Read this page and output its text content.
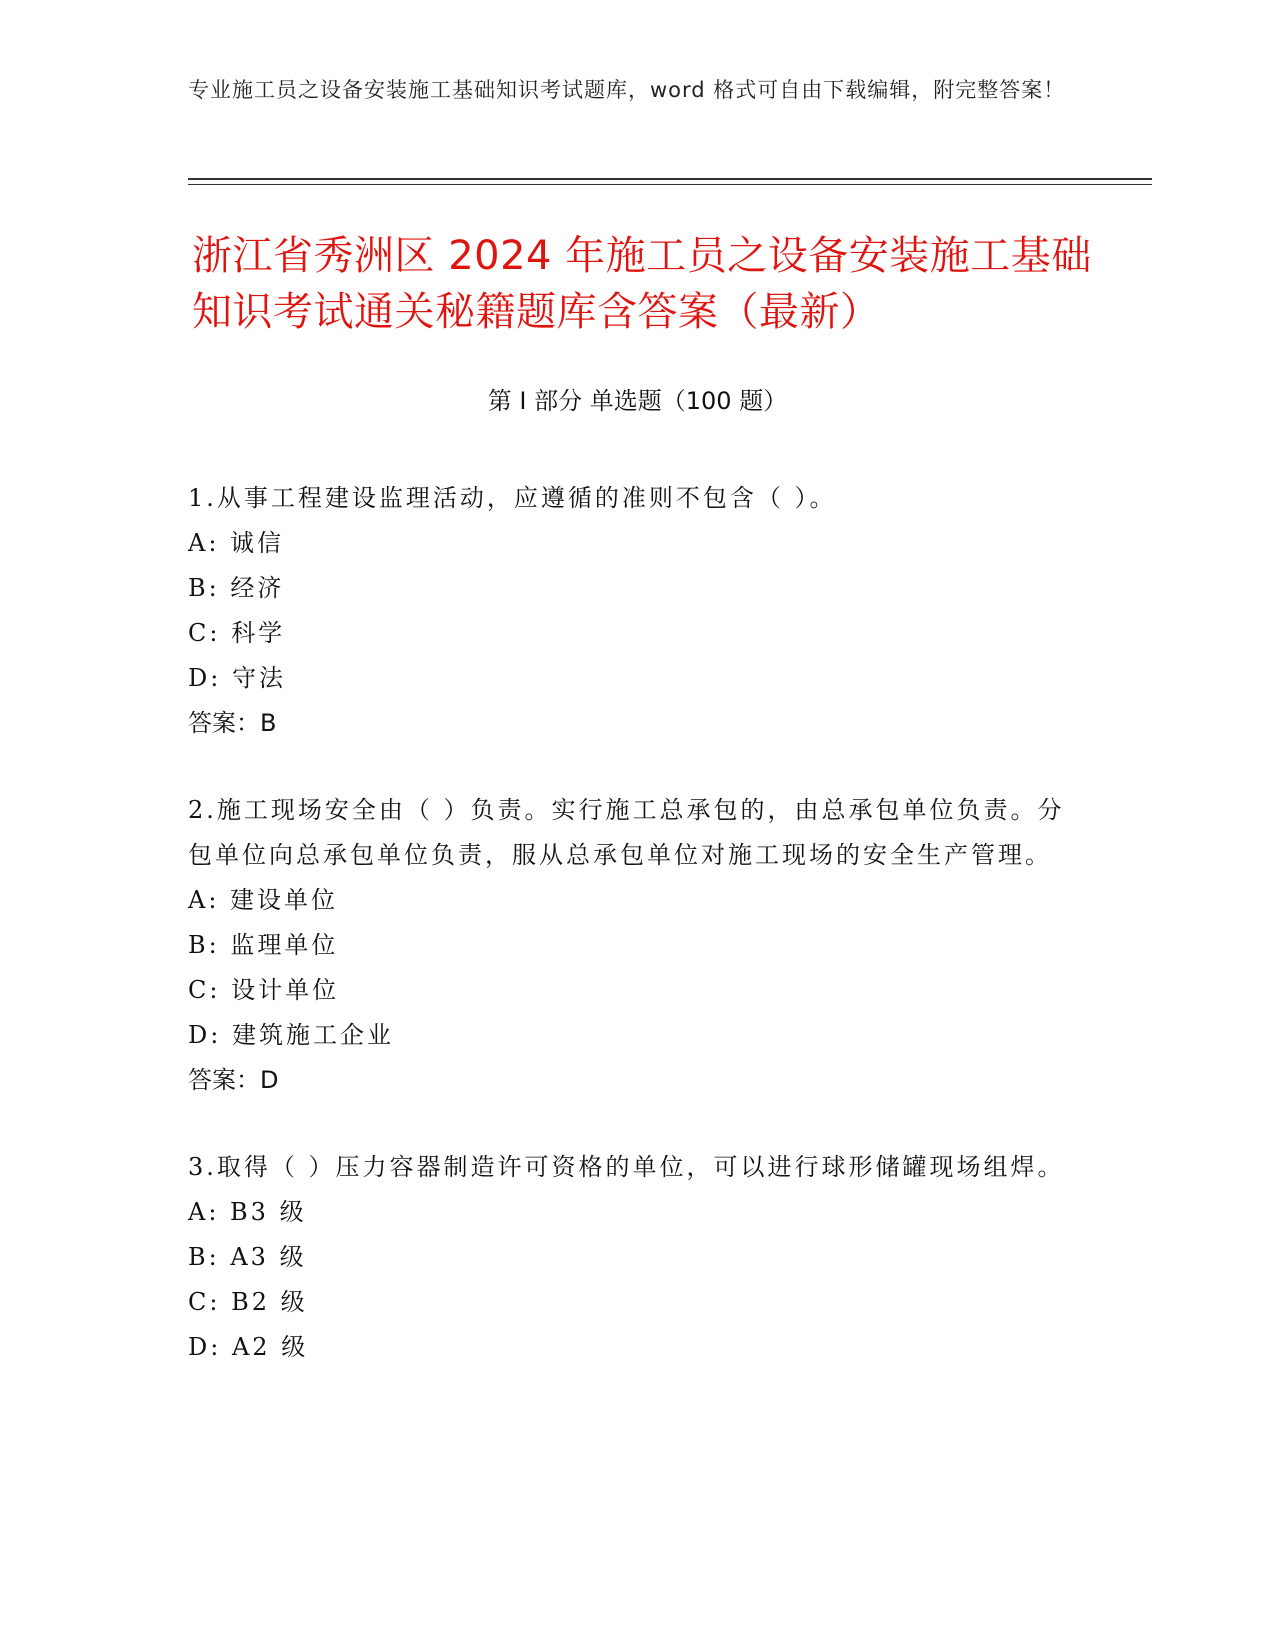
专业施工员之设备安装施工基础知识考试题库，word 格式可自由下载编辑，附完整答案！
浙江省秀洲区 2024 年施工员之设备安装施工基础知识考试通关秘籍题库含答案（最新）
第 I 部分 单选题（100 题）

1.从事工程建设监理活动，应遵循的准则不包含（ ）。

A: 诚信

B: 经济

C: 科学

D: 守法

答案：B

2.施工现场安全由（ ）负责。实行施工总承包的，由总承包单位负责。分包单位向总承包单位负责，服从总承包单位对施工现场的安全生产管理。

A: 建设单位

B: 监理单位

C: 设计单位

D: 建筑施工企业

答案：D

3.取得（ ）压力容器制造许可资格的单位，可以进行球形储罐现场组焊。

A: B3 级

B: A3 级

C: B2 级

D: A2 级
